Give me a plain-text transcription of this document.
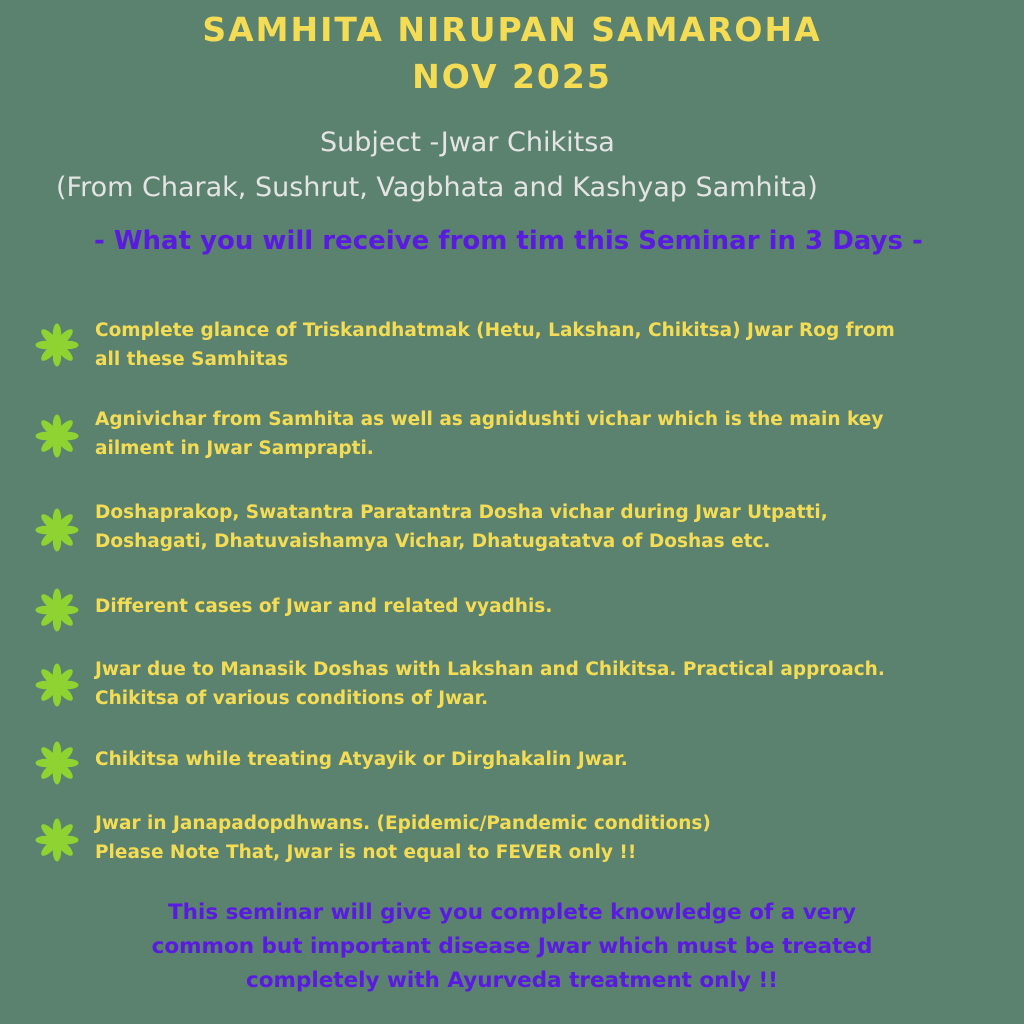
SAMHITA NIRUPAN SAMAROHA
NOV 2025
Subject -Jwar Chikitsa
(From Charak, Sushrut, Vagbhata and Kashyap Samhita)
- What you will receive from tim this Seminar in 3 Days -
Complete glance of Triskandhatmak (Hetu, Lakshan, Chikitsa) Jwar Rog from
all these Samhitas
Agnivichar from Samhita as well as agnidushti vichar which is the main key
ailment in Jwar Samprapti.
Doshaprakop, Swatantra Paratantra Dosha vichar during Jwar Utpatti,
Doshagati, Dhatuvaishamya Vichar, Dhatugatatva of Doshas etc.
Different cases of Jwar and related vyadhis.
Jwar due to Manasik Doshas with Lakshan and Chikitsa. Practical approach.
Chikitsa of various conditions of Jwar.
Chikitsa while treating Atyayik or Dirghakalin Jwar.
Jwar in Janapadopdhwans. (Epidemic/Pandemic conditions)
Please Note That, Jwar is not equal to FEVER only !!
This seminar will give you complete knowledge of a very
common but important disease Jwar which must be treated
completely with Ayurveda treatment only !!
